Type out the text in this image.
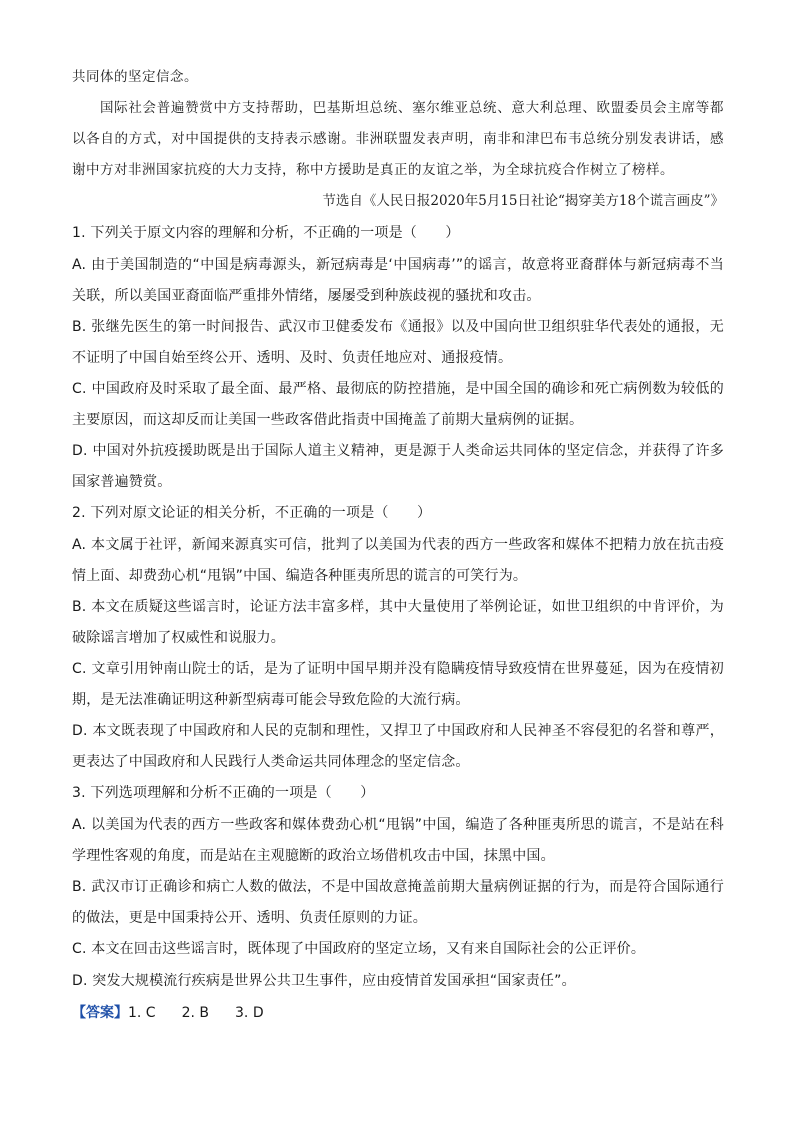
共同体的坚定信念。

国际社会普遍赞赏中方支持帮助，巴基斯坦总统、塞尔维亚总统、意大利总理、欧盟委员会主席等都以各自的方式，对中国提供的支持表示感谢。非洲联盟发表声明，南非和津巴布韦总统分别发表讲话，感谢中方对非洲国家抗疫的大力支持，称中方援助是真正的友谊之举，为全球抗疫合作树立了榜样。

节选自《人民日报2020年5月15日社论“揭穿美方18个谎言画皮”》

1. 下列关于原文内容的理解和分析，不正确的一项是（　　）

A. 由于美国制造的“中国是病毒源头，新冠病毒是‘中国病毒’”的谣言，故意将亚裔群体与新冠病毒不当关联，所以美国亚裔面临严重排外情绪，屡屡受到种族歧视的骚扰和攻击。

B. 张继先医生的第一时间报告、武汉市卫健委发布《通报》以及中国向世卫组织驻华代表处的通报，无不证明了中国自始至终公开、透明、及时、负责任地应对、通报疫情。

C. 中国政府及时采取了最全面、最严格、最彻底的防控措施，是中国全国的确诊和死亡病例数为较低的主要原因，而这却反而让美国一些政客借此指责中国掩盖了前期大量病例的证据。

D. 中国对外抗疫援助既是出于国际人道主义精神，更是源于人类命运共同体的坚定信念，并获得了许多国家普遍赞赏。

2. 下列对原文论证的相关分析，不正确的一项是（　　）

A. 本文属于社评，新闻来源真实可信，批判了以美国为代表的西方一些政客和媒体不把精力放在抗击疫情上面、却费劲心机“甩锅”中国、编造各种匪夷所思的谎言的可笑行为。

B. 本文在质疑这些谣言时，论证方法丰富多样，其中大量使用了举例论证，如世卫组织的中肯评价，为破除谣言增加了权威性和说服力。

C. 文章引用钟南山院士的话，是为了证明中国早期并没有隐瞒疫情导致疫情在世界蔓延，因为在疫情初期，是无法准确证明这种新型病毒可能会导致危险的大流行病。

D. 本文既表现了中国政府和人民的克制和理性，又捍卫了中国政府和人民神圣不容侵犯的名誉和尊严，更表达了中国政府和人民践行人类命运共同体理念的坚定信念。

3. 下列选项理解和分析不正确的一项是（　　）

A. 以美国为代表的西方一些政客和媒体费劲心机“甩锅”中国，编造了各种匪夷所思的谎言，不是站在科学理性客观的角度，而是站在主观臆断的政治立场借机攻击中国，抹黑中国。

B. 武汉市订正确诊和病亡人数的做法，不是中国故意掩盖前期大量病例证据的行为，而是符合国际通行的做法，更是中国秉持公开、透明、负责任原则的力证。

C. 本文在回击这些谣言时，既体现了中国政府的坚定立场，又有来自国际社会的公正评价。

D. 突发大规模流行疾病是世界公共卫生事件，应由疫情首发国承担“国家责任”。

【答案】1. C 2. B 3. D
